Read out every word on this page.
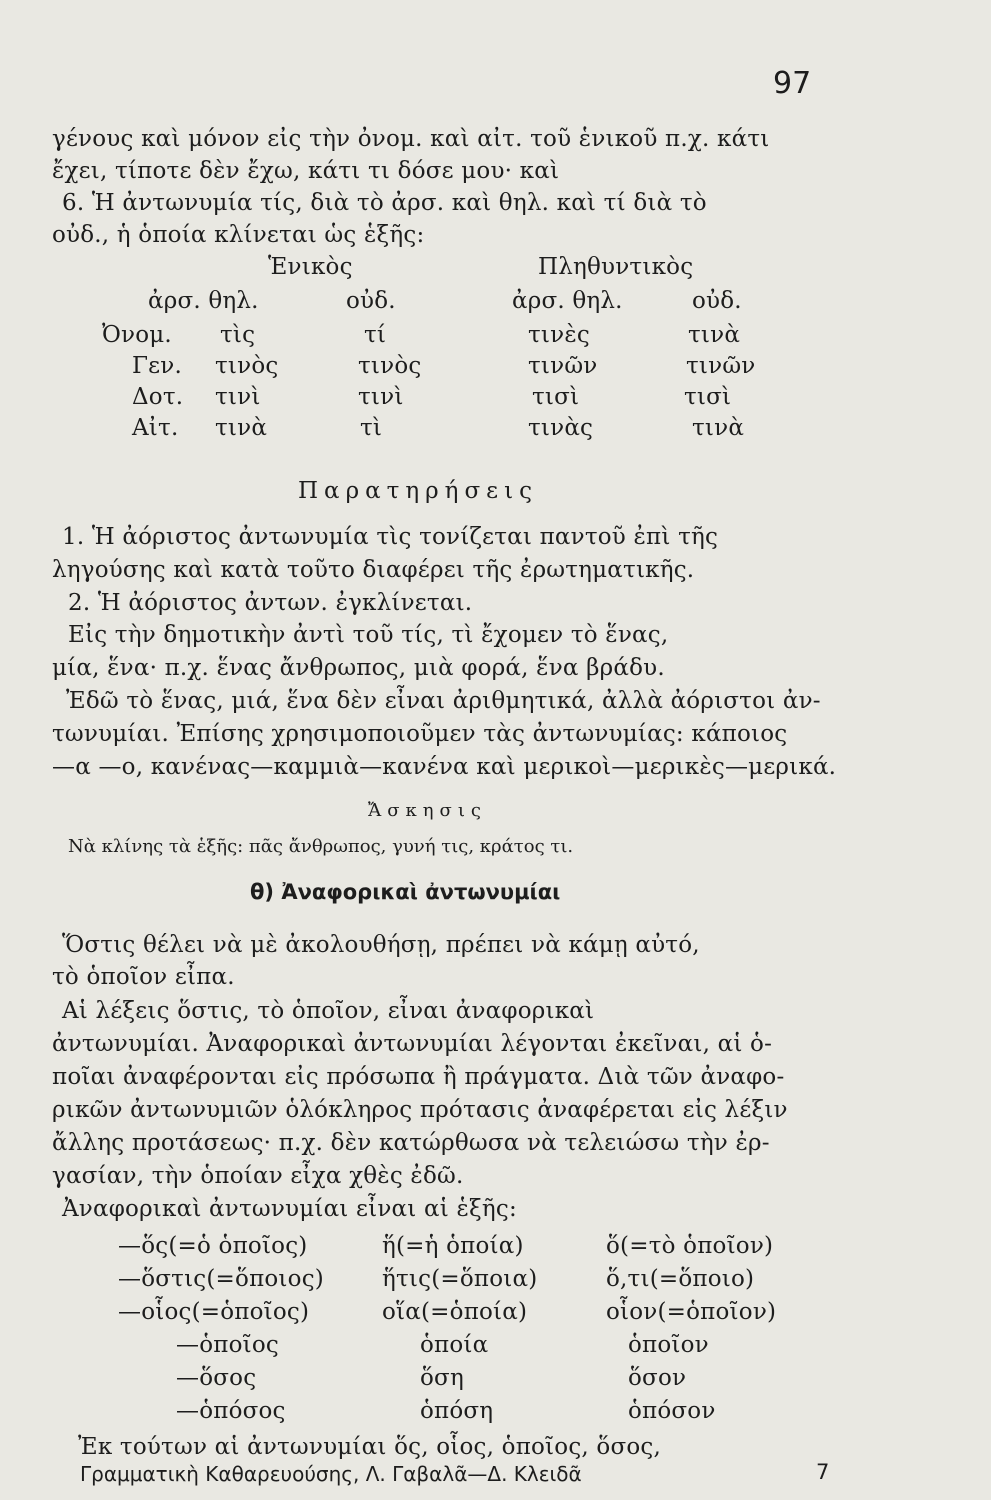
97
γένους καὶ μόνον εἰς τὴν ὀνομ. καὶ αἰτ. τοῦ ἑνικοῦ π.χ. κάτι
ἔχει, τίποτε δὲν ἔχω, κάτι τι δόσε μου· καὶ
6. Ἡ ἀντωνυμία τίς, διὰ τὸ ἀρσ. καὶ θηλ. καὶ τί διὰ τὸ
οὐδ., ἡ ὁποία κλίνεται ὡς ἑξῆς:
Ἑνικὸς	Πληθυντικὸς
ἀρσ. θηλ.	οὐδ.	ἀρσ. θηλ.	οὐδ.
Ὀνομ. τὶς	τί	τινὲς	τινὰ
Γεν. τινὸς	τινὸς	τινῶν	τινῶν
Δοτ. τινὶ	τινὶ	τισὶ	τισὶ
Αἰτ. τινὰ	τὶ	τινὰς	τινὰ
Παρατηρήσεις
1. Ἡ ἀόριστος ἀντωνυμία τὶς τονίζεται παντοῦ ἐπὶ τῆς
ληγούσης καὶ κατὰ τοῦτο διαφέρει τῆς ἐρωτηματικῆς.
2. Ἡ ἀόριστος ἀντων. ἐγκλίνεται.
Εἰς τὴν δημοτικὴν ἀντὶ τοῦ τίς, τὶ ἔχομεν τὸ ἕνας,
μία, ἕνα· π.χ. ἕνας ἄνθρωπος, μιὰ φορά, ἕνα βράδυ.
Ἐδῶ τὸ ἕνας, μιά, ἕνα δὲν εἶναι ἀριθμητικά, ἀλλὰ ἀόριστοι ἀν-
τωνυμίαι. Ἐπίσης χρησιμοποιοῦμεν τὰς ἀντωνυμίας: κάποιος
—α —ο, κανένας—καμμιὰ—κανένα καὶ μερικοὶ—μερικὲς—μερικά.
Ἄσκησις
Νὰ κλίνης τὰ ἑξῆς: πᾶς ἄνθρωπος, γυνή τις, κράτος τι.
θ) Ἀναφορικαὶ ἀντωνυμίαι
Ὅστις θέλει νὰ μὲ ἀκολουθήσῃ, πρέπει νὰ κάμῃ αὐτό,
τὸ ὁποῖον εἶπα.
Αἱ λέξεις ὅστις, τὸ ὁποῖον, εἶναι ἀναφορικαὶ
ἀντωνυμίαι. Ἀναφορικαὶ ἀντωνυμίαι λέγονται ἐκεῖναι, αἱ ὁ-
ποῖαι ἀναφέρονται εἰς πρόσωπα ἢ πράγματα. Διὰ τῶν ἀναφο-
ρικῶν ἀντωνυμιῶν ὁλόκληρος πρότασις ἀναφέρεται εἰς λέξιν
ἄλλης προτάσεως· π.χ. δὲν κατώρθωσα νὰ τελειώσω τὴν ἐρ-
γασίαν, τὴν ὁποίαν εἶχα χθὲς ἐδῶ.
Ἀναφορικαὶ ἀντωνυμίαι εἶναι αἱ ἑξῆς:
—ὅς(=ὁ ὁποῖος)	ἥ(=ἡ ὁποία)	ὅ(=τὸ ὁποῖον)
—ὅστις(=ὅποιος)	ἥτις(=ὅποια)	ὅ,τι(=ὅποιο)
—οἷος(=ὁποῖος)	οἵα(=ὁποία)	οἷον(=ὁποῖον)
—ὁποῖος	ὁποία	ὁποῖον
—ὅσος	ὅση	ὅσον
—ὁπόσος	ὁπόση	ὁπόσον
Ἐκ τούτων αἱ ἀντωνυμίαι ὅς, οἷος, ὁποῖος, ὅσος,
Γραμματικὴ Καθαρευούσης, Λ. Γαβαλᾶ—Δ. Κλειδᾶ	7
